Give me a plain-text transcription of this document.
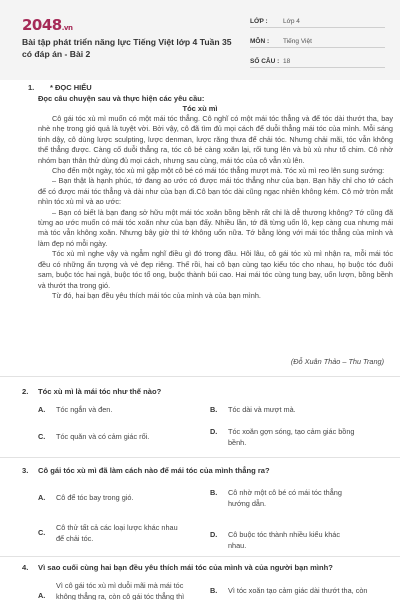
2048.vn
Bài tập phát triển năng lực Tiếng Việt lớp 4 Tuần 35 có đáp án - Bài 2
LỚP :	Lớp 4
MÔN :	Tiếng Việt
SỐ CÂU : 18
1. * ĐỌC HIỂU
Đọc câu chuyện sau và thực hiện các yêu cầu:
Tóc xù mì

Cô gái tóc xù mì muốn có một mái tóc thẳng. Cô nghĩ có một mái tóc thẳng và để tóc dài thướt tha, bay nhè nhẹ trong gió quả là tuyệt vời. Bởi vậy, cô đã tìm đủ mọi cách để duỗi thẳng mái tóc của mình. Mỗi sáng tinh dậy, cô dùng lược sculpting, lược denman, lược răng thưa để chải tóc. Nhưng chải mãi, tóc vẫn không thể thẳng được. Càng cố duỗi thẳng ra, tóc cô bé càng xoăn lại, rối tung lên và bù xù như tổ chim. Cô nhờ nhóm bạn thân thử dùng đủ mọi cách, nhưng sau cùng, mái tóc của cô vẫn xù lên.

Cho đến một ngày, tóc xù mì gặp một cô bé có mái tóc thẳng mượt mà. Tóc xù mì reo lên sung sướng:

– Bạn thật là hạnh phúc, tớ đang ao ước có được mái tóc thẳng như của bạn. Bạn hãy chỉ cho tớ cách để có được mái tóc thẳng và dài như của bạn đi.Cô bạn tóc dài cũng ngạc nhiên không kém. Cô mở tròn mắt nhìn tóc xù mì và ao ước:

– Bạn có biết là bạn đang sở hữu một mái tóc xoăn bồng bềnh rất chi là dễ thương không? Tớ cũng đã từng ao ước muốn có mái tóc xoăn như của bạn đấy. Nhiều lần, tớ đã từng uốn lô, kẹp càng cua nhưng mái mà tóc vẫn không xoăn. Nhưng bây giờ thì tớ không uốn nữa. Tớ bằng lòng với mái tóc thẳng của mình và làm đẹp nó mỗi ngày.

Tóc xù mì nghe vậy và ngẫm nghĩ điều gì đó trong đầu. Hôi lâu, cô gái tóc xù mì nhận ra, mỗi mái tóc đều có những ấn tượng và vẻ đẹp riêng. Thế rồi, hai cô bạn cùng tạo kiểu tóc cho nhau, họ buộc tóc đuôi sam, buộc tóc hai ngả, buộc tóc tổ ong, buộc thành búi cao. Hai mái tóc cùng tung bay, uốn lượn, bồng bềnh và thướt tha trong gió.

Từ đó, hai bạn đều yêu thích mái tóc của mình và của bạn mình.

(Đỗ Xuân Thảo – Thu Trang)
2. Tóc xù mì là mái tóc như thế nào?
A.	Tóc ngắn và đen.	B.	Tóc dài và mượt mà.
C.	Tóc quăn và có cảm giác rối.
D.	Tóc xoăn gợn sóng, tạo cảm giác bồng bềnh.
3. Cô gái tóc xù mì đã làm cách nào để mái tóc của mình thẳng ra?
A.	Cô để tóc bay trong gió.
B.	Cô nhờ một cô bé có mái tóc thẳng hướng dẫn.
C.
Cô thử tất cả các loại lược khác nhau để chải tóc.	D.	Cô buộc tóc thành nhiều kiểu khác nhau.
4. Vì sao cuối cùng hai bạn đều yêu thích mái tóc của mình và của người bạn mình?
A.
Vì cô gái tóc xù mì duỗi mãi mà mái tóc không thẳng ra, còn cô gái tóc thẳng thì
B.	Vì tóc xoăn tạo cảm giác dài thướt tha, còn
